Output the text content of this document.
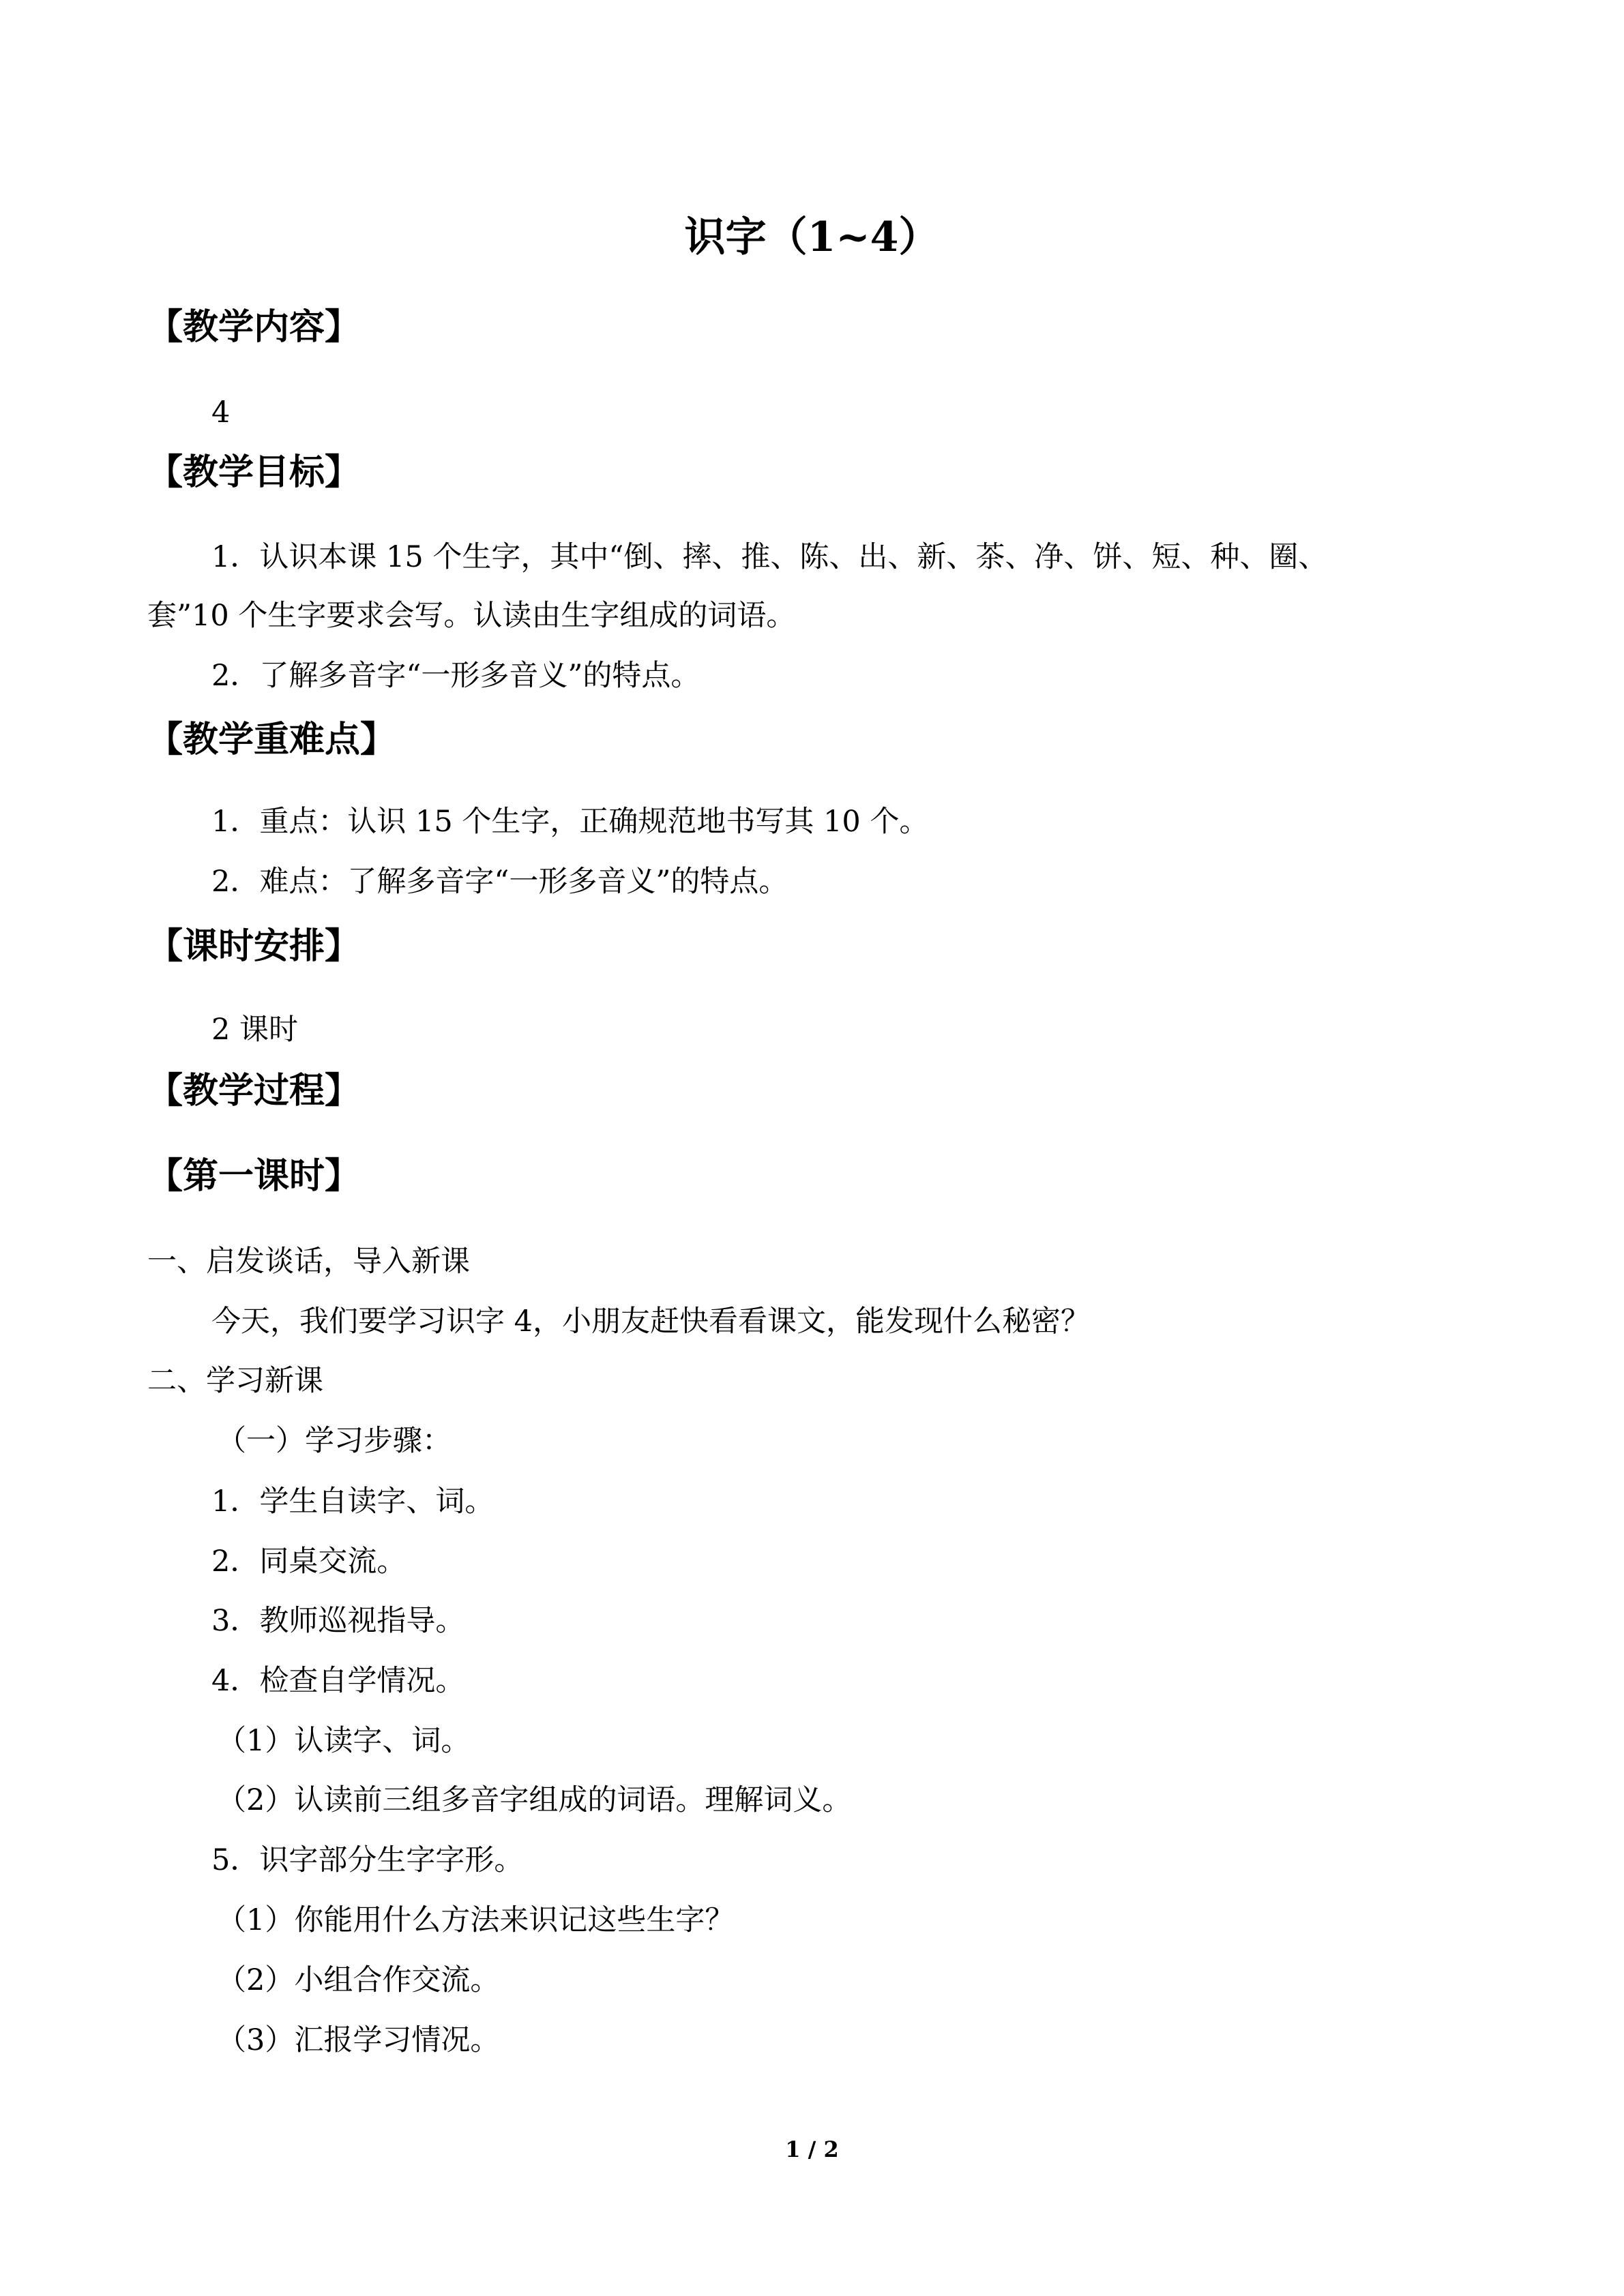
识字（1~4）
【教学内容】
4
【教学目标】
1．认识本课 15 个生字，其中“倒、摔、推、陈、出、新、茶、净、饼、短、种、圈、
套”10 个生字要求会写。认读由生字组成的词语。
2．了解多音字“一形多音义”的特点。
【教学重难点】
1．重点：认识 15 个生字，正确规范地书写其 10 个。
2．难点：了解多音字“一形多音义”的特点。
【课时安排】
2 课时
【教学过程】
【第一课时】
一、启发谈话，导入新课
今天，我们要学习识字 4，小朋友赶快看看课文，能发现什么秘密？
二、学习新课
（一）学习步骤：
1．学生自读字、词。
2．同桌交流。
3．教师巡视指导。
4．检查自学情况。
（1）认读字、词。
（2）认读前三组多音字组成的词语。理解词义。
5．识字部分生字字形。
（1）你能用什么方法来识记这些生字？
（2）小组合作交流。
（3）汇报学习情况。
1 / 2
